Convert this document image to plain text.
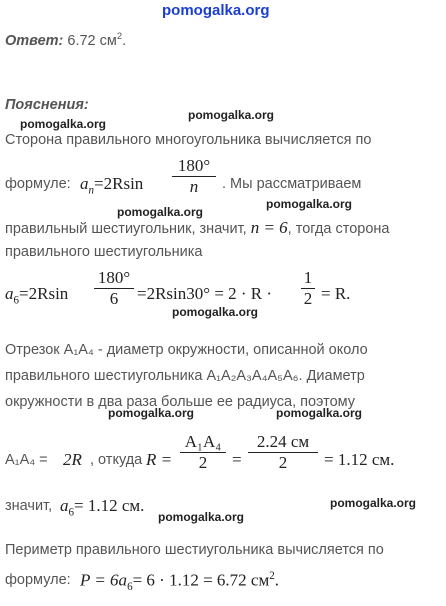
pomogalka.org
pomogalka.org
pomogalka.org
pomogalka.org
pomogalka.org
pomogalka.org
pomogalka.org	pomogalka.org
pomogalka.org
pomogalka.org
Ответ: 6.72 $см^2$.
Пояснения:
Сторона правильного многоугольника вычисляется по
формуле: $a_n=2Rsin$
180°
n	. Мы рассматриваем
правильный шестиугольник, значит, n = 6, тогда сторона
правильного шестиугольника
$a_6=2Rsin$
180°
6	=2Rsin30° = 2 · R ·
1
2 = R.
Отрезок A₁A₄ - диаметр окружности, описанной около
правильного шестиугольника A₁A₂A₃A₄A₅A₆. Диаметр
окружности в два раза больше ее радиуса, поэтому
A₁A₄ = 2R , откуда R =
A₁A₄
2	=
2.24 см
2	= 1.12 см.
значит, $a_6= 1.12$ см.
Периметр правильного шестиугольника вычисляется по
формуле: $P = 6a_6= 6 \cdot 1.12 = 6.72$ $см^2$.
